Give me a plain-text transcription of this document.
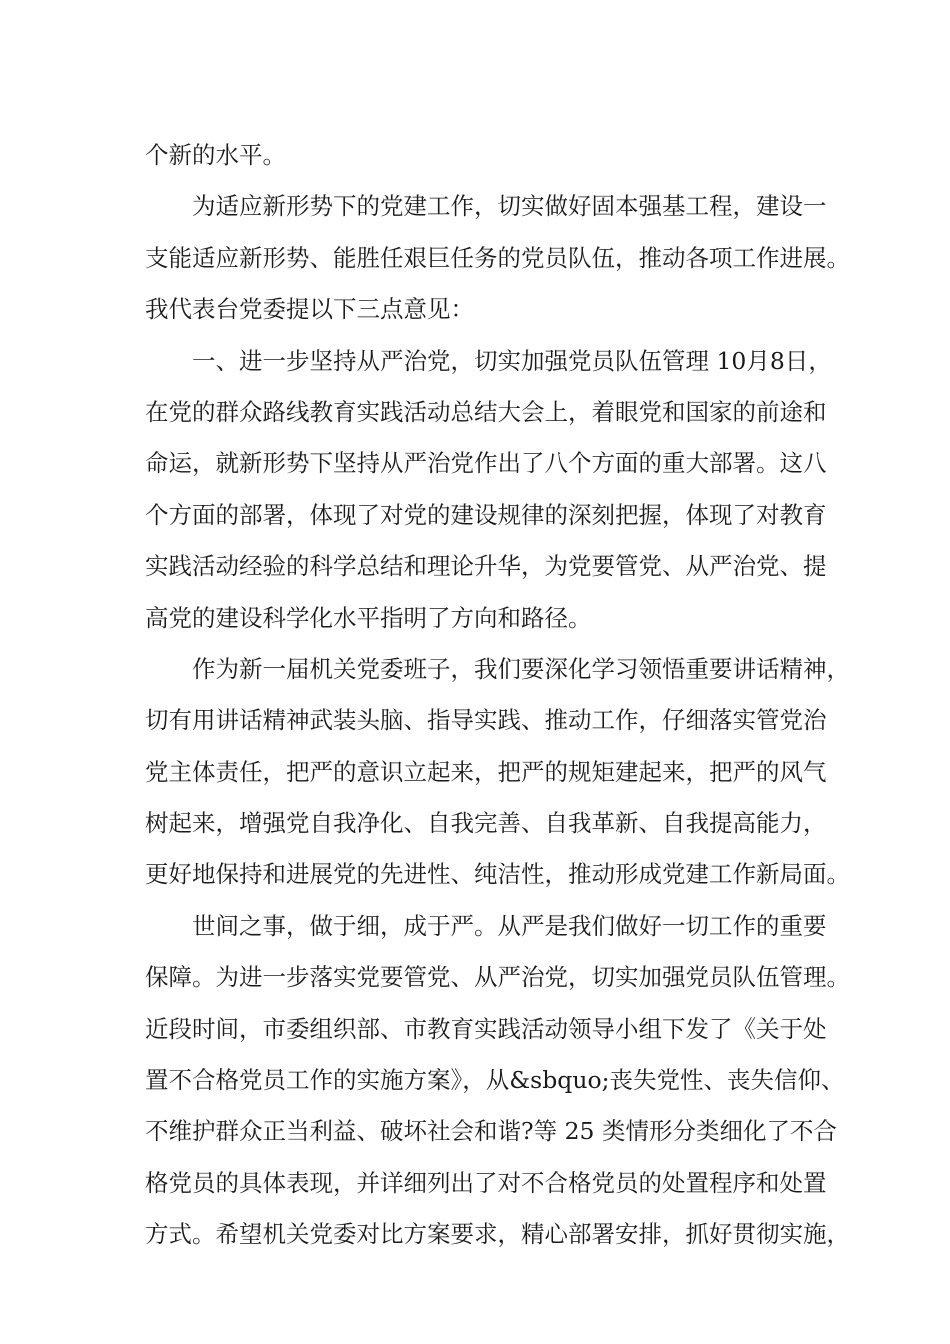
个新的水平。
为适应新形势下的党建工作，切实做好固本强基工程，建设一
支能适应新形势、能胜任艰巨任务的党员队伍，推动各项工作进展。
我代表台党委提以下三点意见：
一、进一步坚持从严治党，切实加强党员队伍管理 10月8日，
在党的群众路线教育实践活动总结大会上，着眼党和国家的前途和
命运，就新形势下坚持从严治党作出了八个方面的重大部署。这八
个方面的部署，体现了对党的建设规律的深刻把握，体现了对教育
实践活动经验的科学总结和理论升华，为党要管党、从严治党、提
高党的建设科学化水平指明了方向和路径。
作为新一届机关党委班子，我们要深化学习领悟重要讲话精神，
切有用讲话精神武装头脑、指导实践、推动工作，仔细落实管党治
党主体责任，把严的意识立起来，把严的规矩建起来，把严的风气
树起来，增强党自我净化、自我完善、自我革新、自我提高能力，
更好地保持和进展党的先进性、纯洁性，推动形成党建工作新局面。
世间之事，做于细，成于严。从严是我们做好一切工作的重要
保障。为进一步落实党要管党、从严治党，切实加强党员队伍管理。
近段时间，市委组织部、市教育实践活动领导小组下发了《关于处
置不合格党员工作的实施方案》，从&sbquo;丧失党性、丧失信仰、
不维护群众正当利益、破坏社会和谐?等 25 类情形分类细化了不合
格党员的具体表现，并详细列出了对不合格党员的处置程序和处置
方式。希望机关党委对比方案要求，精心部署安排，抓好贯彻实施，
